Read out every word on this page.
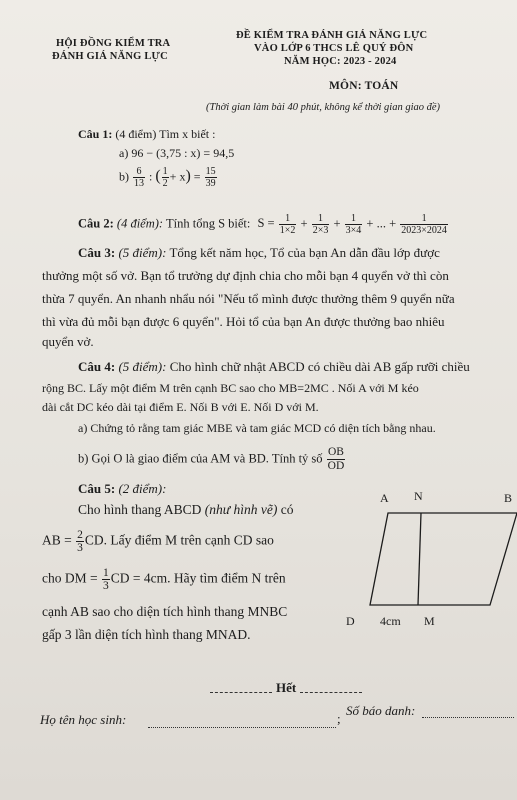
HỘI ĐỒNG KIỂM TRA
ĐÁNH GIÁ NĂNG LỰC
ĐỀ KIỂM TRA ĐÁNH GIÁ NĂNG LỰC
VÀO LỚP 6 THCS LÊ QUÝ ĐÔN
NĂM HỌC: 2023 - 2024
MÔN: TOÁN
(Thời gian làm bài 40 phút, không kể thời gian giao đề)
Câu 1: (4 điểm) Tìm x biết :
a) 96 − (3,75 : x) = 94,5
$b) \frac{6}{13}$ : ( $\frac{1}{2} + x) = \frac{15}{39}$
Câu 2: (4 điểm): Tính tổng S biết: $S = \frac{1}{1\times 2} + \frac{1}{2\times 3} + \frac{1}{3\times 4}$ + ... + $\frac{1}{2023\times 2024}$
Câu 3: (5 điểm): Tổng kết năm học, Tổ của bạn An dẫn đầu lớp được
thưởng một số vở. Bạn tổ trưởng dự định chia cho mỗi bạn 4 quyển vở thì còn
thừa 7 quyển. An nhanh nhẩu nói "Nếu tổ mình được thưởng thêm 9 quyển nữa
thì vừa đủ mỗi bạn được 6 quyển". Hỏi tổ của bạn An được thưởng bao nhiêu
quyển vở.
Câu 4: (5 điểm): Cho hình chữ nhật ABCD có chiều dài AB gấp rưỡi chiều
rộng BC. Lấy một điểm M trên cạnh BC sao cho MB=2MC . Nối A với M kéo
dài cắt DC kéo dài tại điểm E. Nối B với E. Nối D với M.
a) Chứng tỏ rằng tam giác MBE và tam giác MCD có diện tích bằng nhau.
b) Gọi O là giao điểm của AM và BD. Tính tỷ số $\frac{OB}{OD}$
Câu 5: (2 điểm):
Cho hình thang ABCD (như hình vẽ) có
AB = $\frac{2}{3}$ CD. Lấy điểm M trên cạnh CD sao
cho DM = $\frac{1}{3}$ CD = 4cm. Hãy tìm điểm N trên
cạnh AB sao cho diện tích hình thang MNBC
gấp 3 lần diện tích hình thang MNAD.
A N	B
D 4cm M
Hết
Họ tên học sinh:	;
Số báo danh:
